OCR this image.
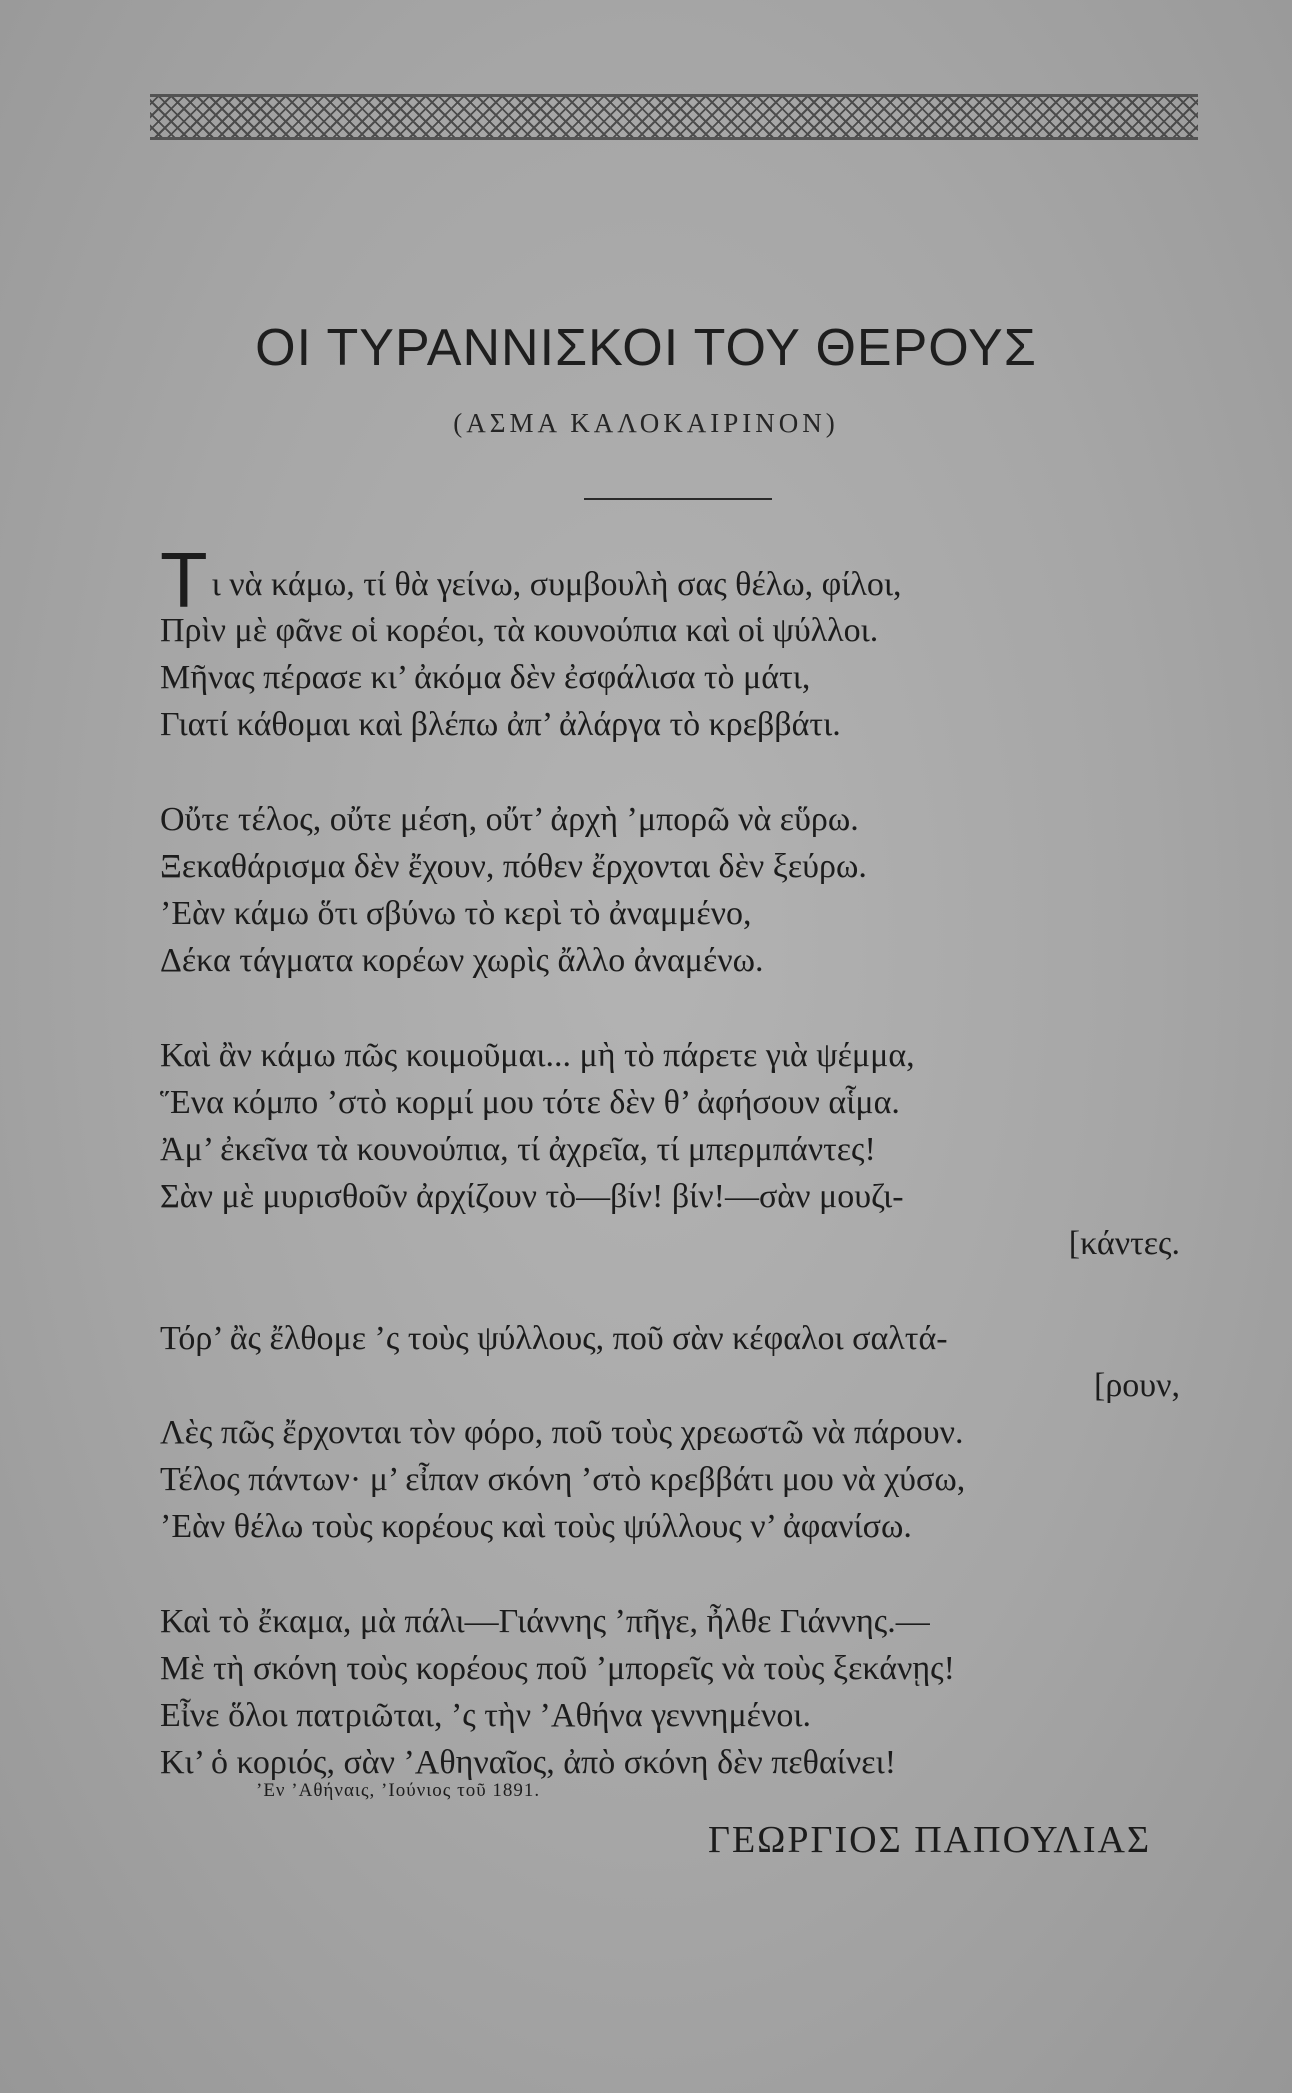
ΟΙ ΤΥΡΑΝΝΙΣΚΟΙ ΤΟΥ ΘΕΡΟΥΣ
(ΑΣΜΑ ΚΑΛΟΚΑΙΡΙΝΟΝ)
Τι νὰ κάμω, τί θὰ γείνω, συμβουλὴ σας θέλω, φίλοι,
Πρὶν μὲ φᾶνε οἱ κορέοι, τὰ κουνούπια καὶ οἱ ψύλλοι.
Μῆνας πέρασε κι’ ἀκόμα δὲν ἐσφάλισα τὸ μάτι,
Γιατί κάθομαι καὶ βλέπω ἀπ’ ἀλάργα τὸ κρεββάτι.
Οὔτε τέλος, οὔτε μέση, οὔτ’ ἀρχὴ ’μπορῶ νὰ εὕρω.
Ξεκαθάρισμα δὲν ἔχουν, πόθεν ἔρχονται δὲν ξεύρω.
’Εὰν κάμω ὅτι σβύνω τὸ κερὶ τὸ ἀναμμένο,
Δέκα τάγματα κορέων χωρὶς ἄλλο ἀναμένω.
Καὶ ἂν κάμω πῶς κοιμοῦμαι... μὴ τὸ πάρετε γιὰ ψέμμα,
Ἕνα κόμπο ’στὸ κορμί μου τότε δὲν θ’ ἀφήσουν αἷμα.
Ἀμ’ ἐκεῖνα τὰ κουνούπια, τί ἀχρεῖα, τί μπερμπάντες!
Σὰν μὲ μυρισθοῦν ἀρχίζουν τὸ—βίν! βίν!—σὰν μουζι-
[κάντες.
Τόρ’ ἂς ἔλθομε ’ς τοὺς ψύλλους, ποῦ σὰν κέφαλοι σαλτά-
[ρουν,
Λὲς πῶς ἔρχονται τὸν φόρο, ποῦ τοὺς χρεωστῶ νὰ πάρουν.
Τέλος πάντων· μ’ εἶπαν σκόνη ’στὸ κρεββάτι μου νὰ χύσω,
’Εὰν θέλω τοὺς κορέους καὶ τοὺς ψύλλους ν’ ἀφανίσω.
Καὶ τὸ ἔκαμα, μὰ πάλι—Γιάννης ’πῆγε, ἦλθε Γιάννης.—
Μὲ τὴ σκόνη τοὺς κορέους ποῦ ’μπορεῖς νὰ τοὺς ξεκάνῃς!
Εἶνε ὅλοι πατριῶται, ’ς τὴν ’Αθήνα γεννημένοι.
Κι’ ὁ κοριός, σὰν ’Αθηναῖος, ἀπὸ σκόνη δὲν πεθαίνει!
’Εν ’Αθήναις, ’Ιούνιος τοῦ 1891.
ΓΕΩΡΓΙΟΣ ΠΑΠΟΥΛΙΑΣ
